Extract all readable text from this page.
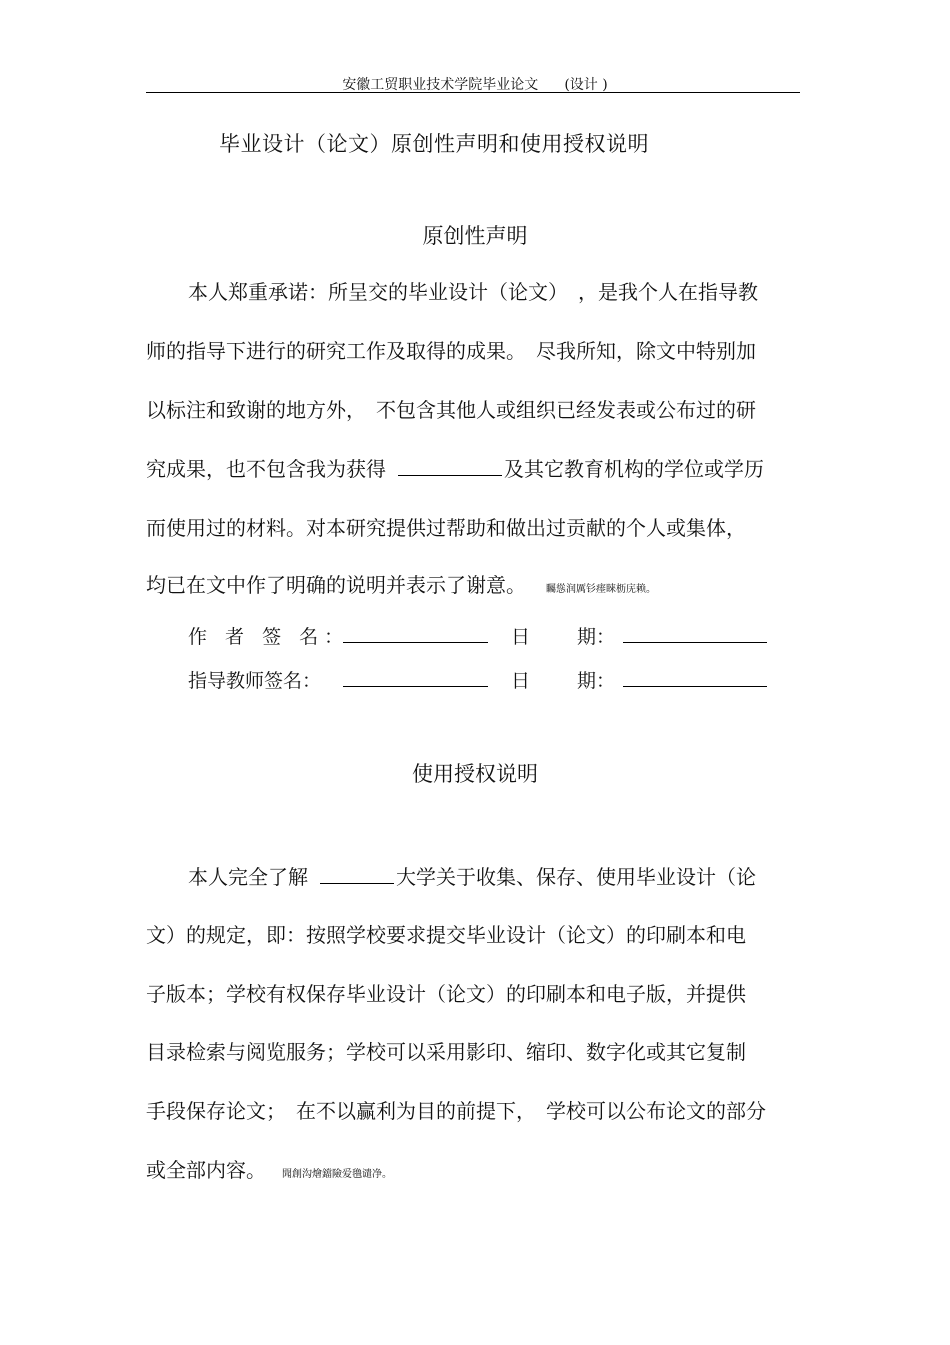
安徽工贸职业技术学院毕业论文 (设计 )
毕业设计（论文）原创性声明和使用授权说明
原创性声明
本人郑重承诺：所呈交的毕业设计（论文）　，是我个人在指导教
师的指导下进行的研究工作及取得的成果。　尽我所知，除文中特别加
以标注和致谢的地方外，　不包含其他人或组织已经发表或公布过的研
究成果，也不包含我为获得	及其它教育机构的学位或学历
而使用过的材料。对本研究提供过帮助和做出过贡献的个人或集体，
均已在文中作了明确的说明并表示了谢意。 矚慫润厲钐瘗睞枥庑赖。
作 者 签 名：	日 期：
指导教师签名：	日 期：
使用授权说明
本人完全了解	大学关于收集、保存、使用毕业设计（论
文）的规定，即：按照学校要求提交毕业设计（论文）的印刷本和电
子版本；学校有权保存毕业设计（论文）的印刷本和电子版，并提供
目录检索与阅览服务；学校可以采用影印、缩印、数字化或其它复制
手段保存论文；　在不以赢利为目的前提下，　学校可以公布论文的部分
或全部内容。 聞創沟燴鐺險爱氇谴净。
